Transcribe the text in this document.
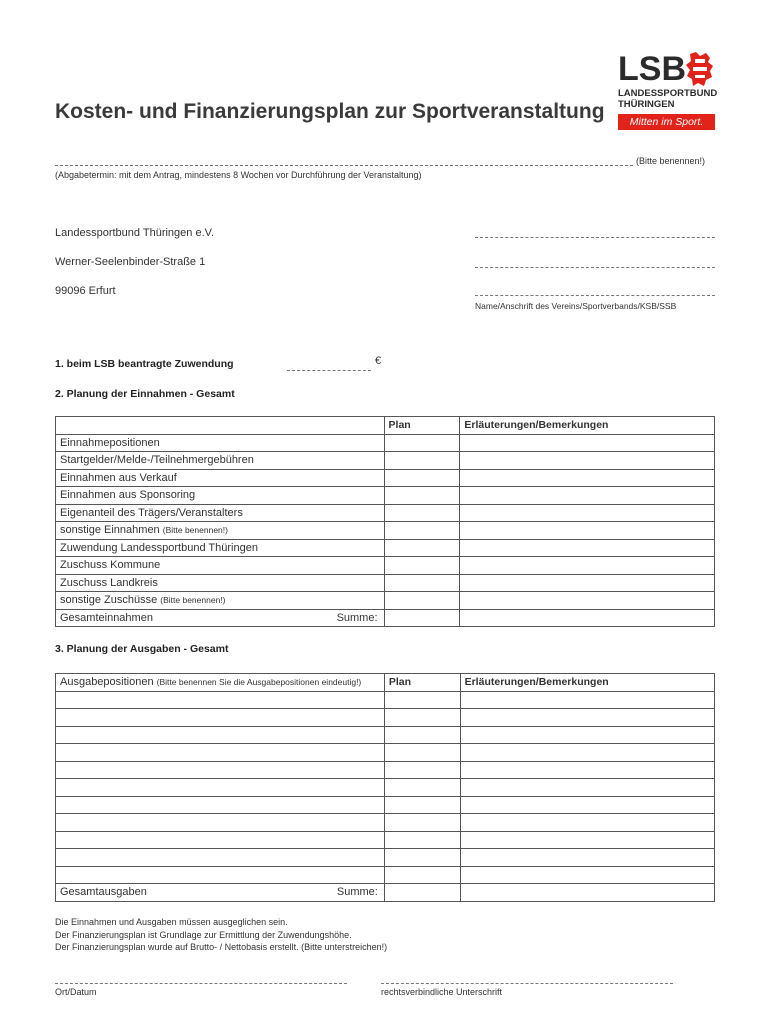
Kosten- und Finanzierungsplan zur Sportveranstaltung
LSB
LANDESSPORTBUND
THÜRINGEN
Mitten im Sport.
(Bitte benennen!)
(Abgabetermin: mit dem Antrag, mindestens 8 Wochen vor Durchführung der Veranstaltung)
Landessportbund Thüringen e.V.
Werner-Seelenbinder-Straße 1
99096 Erfurt
Name/Anschrift des Vereins/Sportverbands/KSB/SSB
1. beim LSB beantragte Zuwendung	€
2. Planung der Einnahmen - Gesamt
	Plan	Erläuterungen/Bemerkungen
Einnahmepositionen		
Startgelder/Melde-/Teilnehmergebühren		
Einnahmen aus Verkauf		
Einnahmen aus Sponsoring		
Eigenanteil des Trägers/Veranstalters		
sonstige Einnahmen (Bitte benennen!)		
Zuwendung Landessportbund Thüringen		
Zuschuss Kommune		
Zuschuss Landkreis		
sonstige Zuschüsse (Bitte benennen!)		
Gesamteinnahmen Summe:		

3. Planung der Ausgaben - Gesamt
Ausgabepositionen (Bitte benennen Sie die Ausgabepositionen eindeutig!)	Plan	Erläuterungen/Bemerkungen

Gesamtausgaben Summe:		

Die Einnahmen und Ausgaben müssen ausgeglichen sein.
Der Finanzierungsplan ist Grundlage zur Ermittlung der Zuwendungshöhe.
Der Finanzierungsplan wurde auf Brutto- / Nettobasis erstellt. (Bitte unterstreichen!)
Ort/Datum	rechtsverbindliche Unterschrift
